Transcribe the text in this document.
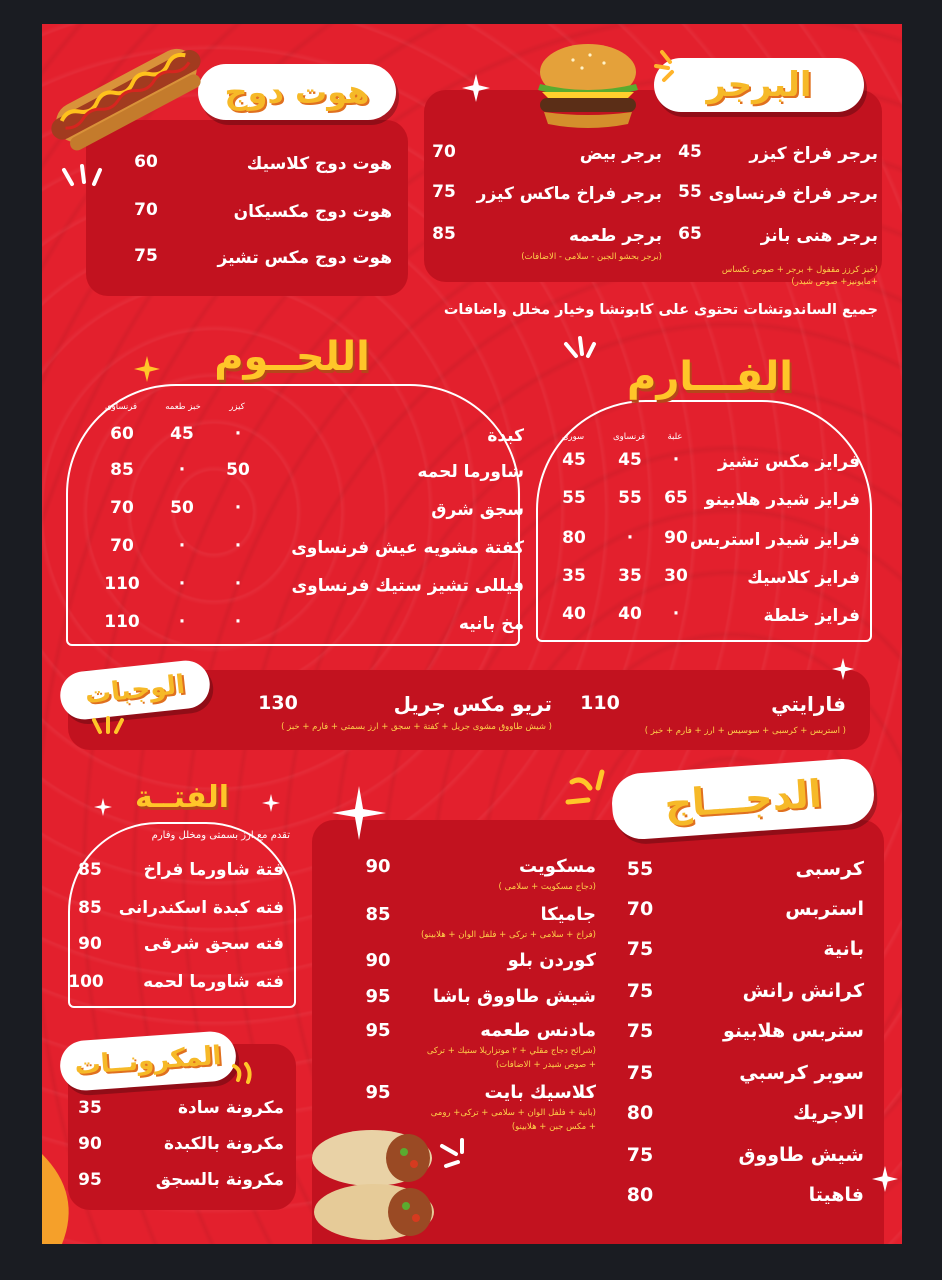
البرجر
برجر فراخ كيزر
45
برجر فراخ فرنساوى
55
برجر هنى بانز
65
(خبز كرزز مقفول + برجر + صوص تكساس +مايونيز+ صوص شيدر)
برجر بيض
70
برجر فراخ ماكس كيزر
75
برجر طعمه
85
(برجر بحشو الجبن - سلامى - الاضافات)
هوت دوج
هوت دوج كلاسيك
60
هوت دوج مكسيكان
70
هوت دوج مكس تشيز
75
جميع الساندوتشات تحتوى على كابوتشا وخيار مخلل واضافات
الفـــارم
علبة
فرنساوى
سورى
فرايز مكس تشيز
·
45
45
فرايز شيدر هلابينو
65
55
55
فرايز شيدر استربس
90
·
80
فرايز كلاسيك
30
35
35
فرايز خلطة
·
40
40
اللحــوم
كيزر
خبز طعمه
فرنساوى
كبدة
·
45
60
شاورما لحمه
50
·
85
سجق شرق
·
50
70
كفتة مشويه عيش فرنساوى
·
·
70
فيللى تشيز ستيك فرنساوى
·
·
110
مخ بانيه
·
·
110
الوجبات	فارايتي
110
( استربس + كرسبى + سوسيس + ارز + فارم + خبز )
تريو مكس جريل
130
( شيش طاووق مشوى جريل + كفتة + سجق + ارز بسمتى + فارم + خبز )
الدجـــاج
كرسبى
55
استربس
70
بانية
75
كرانش رانش
75
ستربس هلابينو
75
سوبر كرسبي
75
الاجريك
80
شيش طاووق
75
فاهيتا
80
مسكويت
90
(دجاج مسكويت + سلامى )
جاميكا
85
(فراخ + سلامى + تركى + فلفل الوان + هلابينو)
كوردن بلو
90
شيش طاووق باشا
95
مادنس طعمه
95
(شرائح دجاج مقلي + ٢ موتزاريلا ستيك + تركى
+ صوص شيدر + الاضافات)
كلاسيك بايت
95
(بانية + فلفل الوان + سلامى + تركى+ رومى
+ مكس جبن + هلابينو)
الفتــة
تقدم مع ارز بسمتى ومخلل وفارم
فتة شاورما فراخ
85
فته كبدة اسكندرانى
85
فته سجق شرقى
90
فته شاورما لحمه
100
المكرونــات
مكرونة سادة
35
مكرونة بالكبدة
90
مكرونة بالسجق
95
